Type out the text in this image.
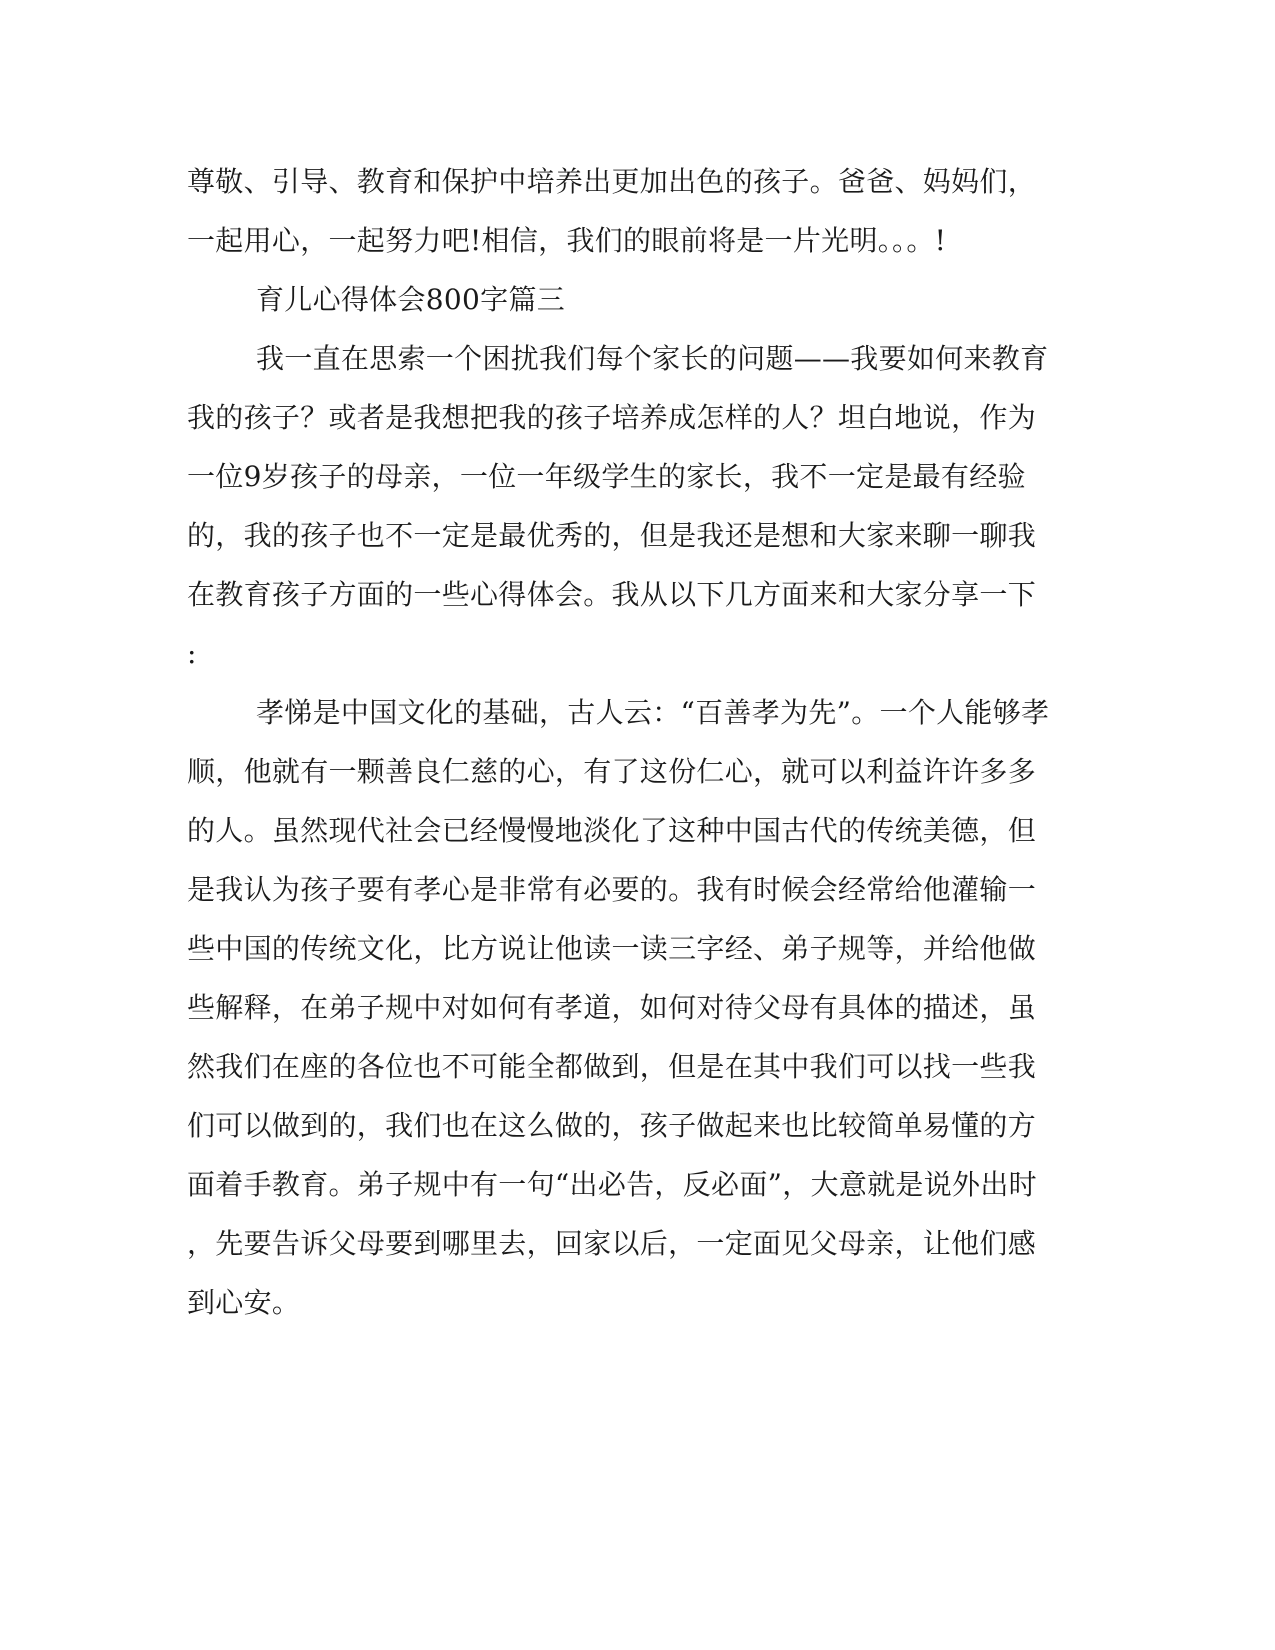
尊敬、引导、教育和保护中培养出更加出色的孩子。爸爸、妈妈们，
一起用心，一起努力吧!相信，我们的眼前将是一片光明。。。!
育儿心得体会800字篇三
我一直在思索一个困扰我们每个家长的问题——我要如何来教育
我的孩子？或者是我想把我的孩子培养成怎样的人？坦白地说，作为
一位9岁孩子的母亲，一位一年级学生的家长，我不一定是最有经验
的，我的孩子也不一定是最优秀的，但是我还是想和大家来聊一聊我
在教育孩子方面的一些心得体会。我从以下几方面来和大家分享一下
:
孝悌是中国文化的基础，古人云：“百善孝为先”。一个人能够孝
顺，他就有一颗善良仁慈的心，有了这份仁心，就可以利益许许多多
的人。虽然现代社会已经慢慢地淡化了这种中国古代的传统美德，但
是我认为孩子要有孝心是非常有必要的。我有时候会经常给他灌输一
些中国的传统文化，比方说让他读一读三字经、弟子规等，并给他做
些解释，在弟子规中对如何有孝道，如何对待父母有具体的描述，虽
然我们在座的各位也不可能全都做到，但是在其中我们可以找一些我
们可以做到的，我们也在这么做的，孩子做起来也比较简单易懂的方
面着手教育。弟子规中有一句“出必告，反必面”，大意就是说外出时
，先要告诉父母要到哪里去，回家以后，一定面见父母亲，让他们感
到心安。
